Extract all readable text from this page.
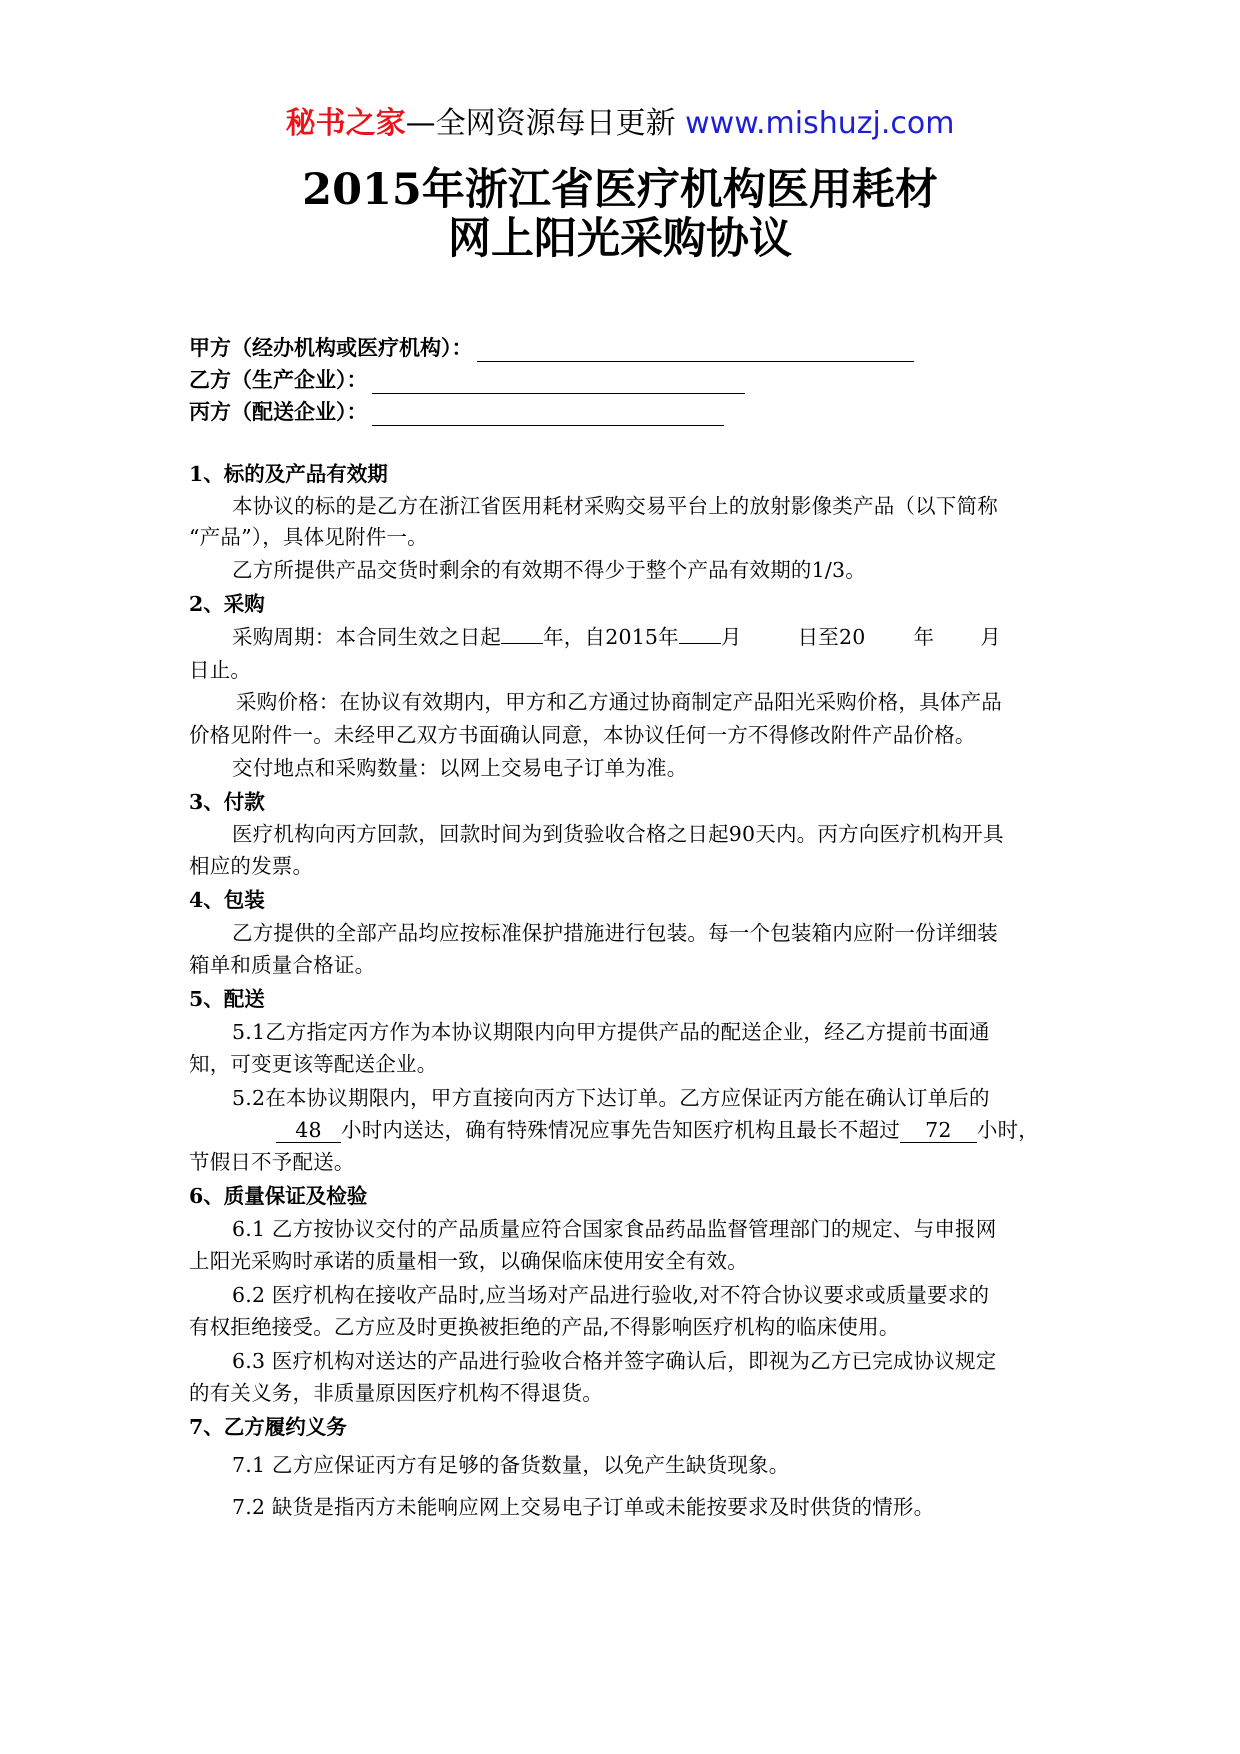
秘书之家—全网资源每日更新 www.mishuzj.com
2015年浙江省医疗机构医用耗材
网上阳光采购协议
甲方（经办机构或医疗机构）：
乙方（生产企业）：
丙方（配送企业）：
1、标的及产品有效期
本协议的标的是乙方在浙江省医用耗材采购交易平台上的放射影像类产品（以下简称
“产品”），具体见附件一。
乙方所提供产品交货时剩余的有效期不得少于整个产品有效期的1/3。
2、采购
采购周期：本合同生效之日起 年，自2015年 月	日至20 年 月
日止。
采购价格：在协议有效期内，甲方和乙方通过协商制定产品阳光采购价格，具体产品
价格见附件一。未经甲乙双方书面确认同意，本协议任何一方不得修改附件产品价格。
交付地点和采购数量：以网上交易电子订单为准。
3、付款
医疗机构向丙方回款，回款时间为到货验收合格之日起90天内。丙方向医疗机构开具
相应的发票。
4、包装
乙方提供的全部产品均应按标准保护措施进行包装。每一个包装箱内应附一份详细装
箱单和质量合格证。
5、配送
5.1乙方指定丙方作为本协议期限内向甲方提供产品的配送企业，经乙方提前书面通
知，可变更该等配送企业。
5.2在本协议期限内，甲方直接向丙方下达订单。乙方应保证丙方能在确认订单后的
48 小时内送达，确有特殊情况应事先告知医疗机构且最长不超过 72 小时，
节假日不予配送。
6、质量保证及检验
6.1 乙方按协议交付的产品质量应符合国家食品药品监督管理部门的规定、与申报网
上阳光采购时承诺的质量相一致，以确保临床使用安全有效。
6.2 医疗机构在接收产品时,应当场对产品进行验收,对不符合协议要求或质量要求的
有权拒绝接受。乙方应及时更换被拒绝的产品,不得影响医疗机构的临床使用。
6.3 医疗机构对送达的产品进行验收合格并签字确认后，即视为乙方已完成协议规定
的有关义务，非质量原因医疗机构不得退货。
7、乙方履约义务
7.1 乙方应保证丙方有足够的备货数量，以免产生缺货现象。
7.2 缺货是指丙方未能响应网上交易电子订单或未能按要求及时供货的情形。
